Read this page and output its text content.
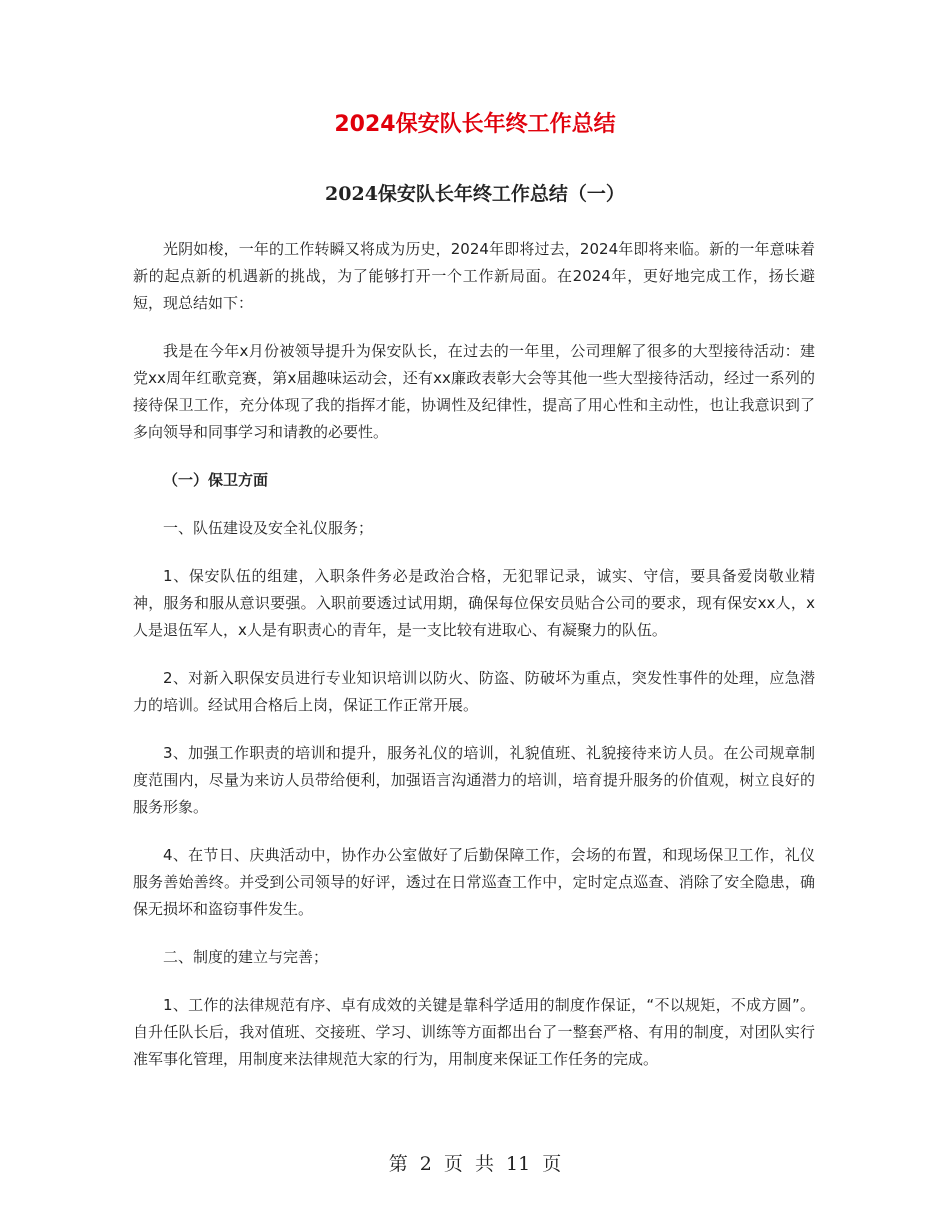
2024保安队长年终工作总结
2024保安队长年终工作总结（一）

光阴如梭，一年的工作转瞬又将成为历史，2024年即将过去，2024年即将来临。新的一年意味着新的起点新的机遇新的挑战，为了能够打开一个工作新局面。在2024年，更好地完成工作，扬长避短，现总结如下：

我是在今年x月份被领导提升为保安队长，在过去的一年里，公司理解了很多的大型接待活动：建党xx周年红歌竞赛，第x届趣味运动会，还有xx廉政表彰大会等其他一些大型接待活动，经过一系列的接待保卫工作，充分体现了我的指挥才能，协调性及纪律性，提高了用心性和主动性，也让我意识到了多向领导和同事学习和请教的必要性。

（一）保卫方面

一、队伍建设及安全礼仪服务；

1、保安队伍的组建，入职条件务必是政治合格，无犯罪记录，诚实、守信，要具备爱岗敬业精神，服务和服从意识要强。入职前要透过试用期，确保每位保安员贴合公司的要求，现有保安xx人，x人是退伍军人，x人是有职责心的青年，是一支比较有进取心、有凝聚力的队伍。

2、对新入职保安员进行专业知识培训以防火、防盗、防破坏为重点，突发性事件的处理，应急潜力的培训。经试用合格后上岗，保证工作正常开展。

3、加强工作职责的培训和提升，服务礼仪的培训，礼貌值班、礼貌接待来访人员。在公司规章制度范围内，尽量为来访人员带给便利，加强语言沟通潜力的培训，培育提升服务的价值观，树立良好的服务形象。

4、在节日、庆典活动中，协作办公室做好了后勤保障工作，会场的布置，和现场保卫工作，礼仪服务善始善终。并受到公司领导的好评，透过在日常巡查工作中，定时定点巡查、消除了安全隐患，确保无损坏和盗窃事件发生。

二、制度的建立与完善；

1、工作的法律规范有序、卓有成效的关键是靠科学适用的制度作保证，“不以规矩，不成方圆”。自升任队长后，我对值班、交接班、学习、训练等方面都出台了一整套严格、有用的制度，对团队实行准军事化管理，用制度来法律规范大家的行为，用制度来保证工作任务的完成。

第 2 页 共 11 页
